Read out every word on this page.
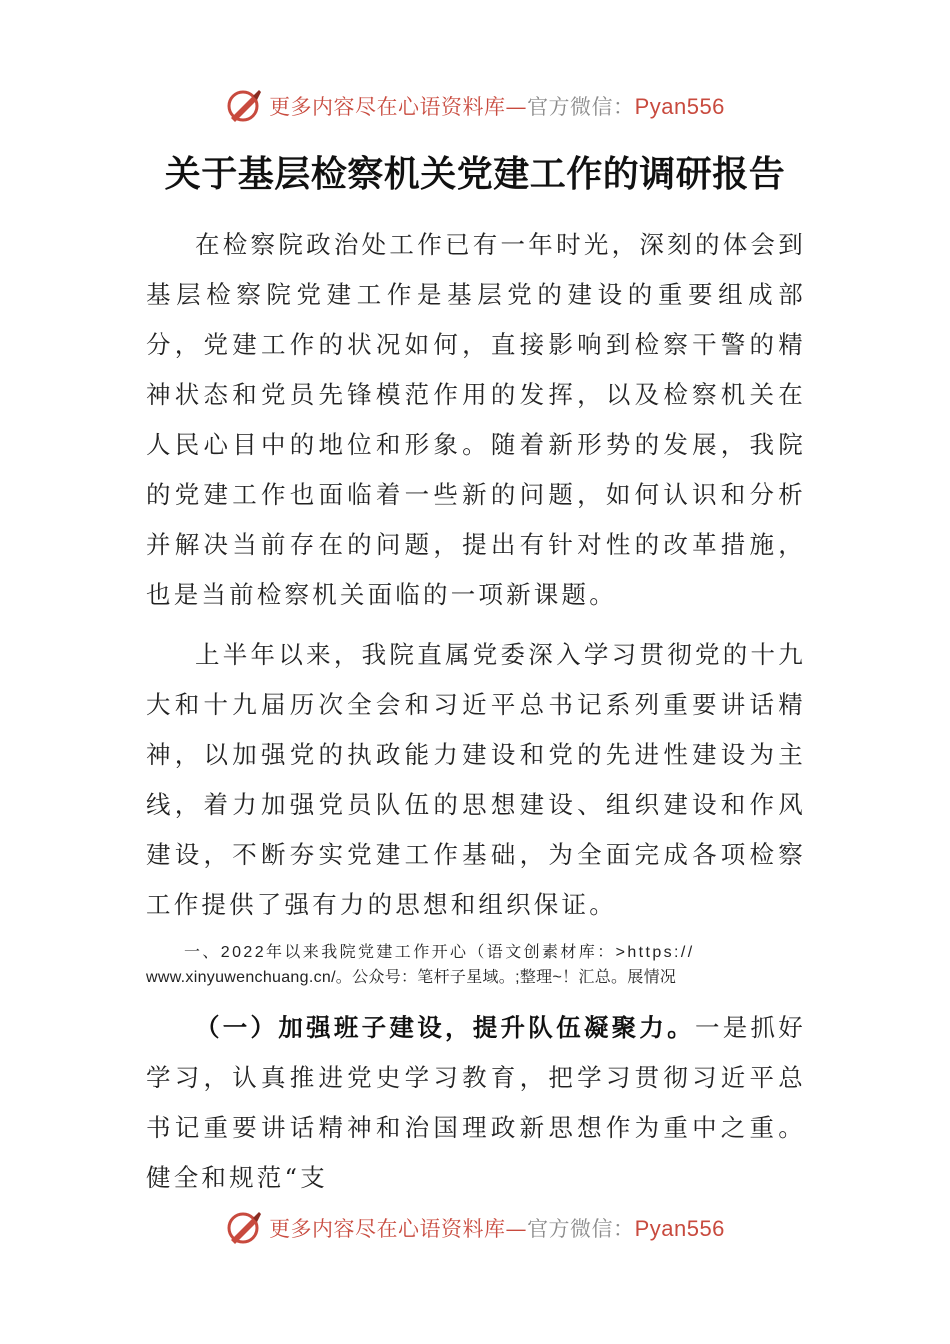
更多内容尽在心语资料库—官方微信：Pyan556
关于基层检察机关党建工作的调研报告

在检察院政治处工作已有一年时光，深刻的体会到基层检察院党建工作是基层党的建设的重要组成部分，党建工作的状况如何，直接影响到检察干警的精神状态和党员先锋模范作用的发挥，以及检察机关在人民心目中的地位和形象。随着新形势的发展，我院的党建工作也面临着一些新的问题，如何认识和分析并解决当前存在的问题，提出有针对性的改革措施，也是当前检察机关面临的一项新课题。

上半年以来，我院直属党委深入学习贯彻党的十九大和十九届历次全会和习近平总书记系列重要讲话精神，以加强党的执政能力建设和党的先进性建设为主线，着力加强党员队伍的思想建设、组织建设和作风建设，不断夯实党建工作基础，为全面完成各项检察工作提供了强有力的思想和组织保证。

一、2022年以来我院党建工作开心（语文创素材库：>https://
www.xinyuwenchuang.cn/。公众号：笔杆子星域。;整理~！汇总。展情况

（一）加强班子建设，提升队伍凝聚力。一是抓好学习，认真推进党史学习教育，把学习贯彻习近平总书记重要讲话精神和治国理政新思想作为重中之重。健全和规范“支

更多内容尽在心语资料库—官方微信：Pyan556
